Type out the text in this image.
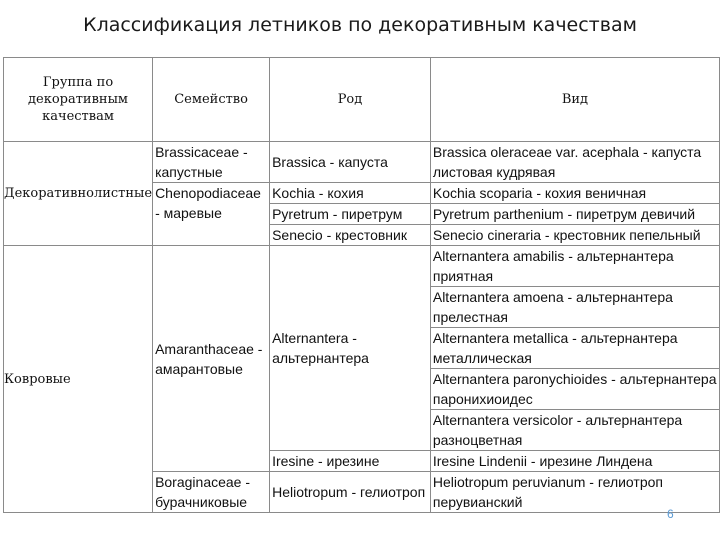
Классификация летников по декоративным качествам
Группа по декоративным качествам	Семейство	Род	Вид
Декоративнолистные	Brassicaceae - капустные	Brassica - капуста	Brassica oleraceae var. acephala - капуста листовая кудрявая
	Chenopodiaceae - маревые	Kochia - кохия	Kochia scoparia - кохия веничная
		Pyretrum - пиретрум	Pyretrum parthenium - пиретрум девичий
		Senecio - крестовник	Senecio cineraria - крестовник пепельный
Ковровые	Amaranthaceae - амарантовые	Alternantera - альтернантера	Alternantera amabilis - альтернантера приятная
			Alternantera amoena - альтернантера прелестная
			Alternantera metallica - альтернантера металлическая
			Alternantera paronychioides - альтернантера паронихиоидес
			Alternantera versicolor - альтернантера разноцветная
		Iresine - ирезине	Iresine Lindenii - ирезине Линдена
	Boraginaceae - бурачниковые	Heliotropum - гелиотроп	Heliotropum peruvianum - гелиотроп перувианский
6
